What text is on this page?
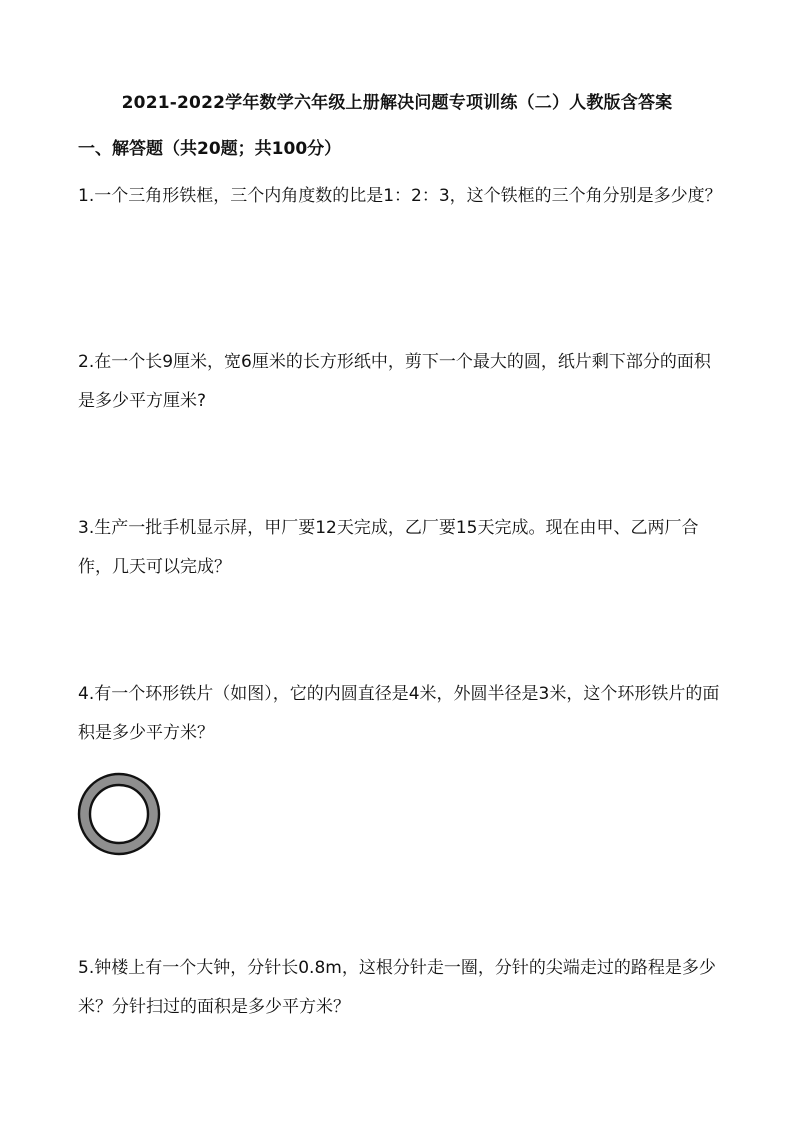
2021-2022学年数学六年级上册解决问题专项训练（二）人教版含答案
一、解答题（共20题；共100分）
1.一个三角形铁框，三个内角度数的比是1：2：3，这个铁框的三个角分别是多少度？
2.在一个长9厘米，宽6厘米的长方形纸中，剪下一个最大的圆，纸片剩下部分的面积是多少平方厘米?
3.生产一批手机显示屏，甲厂要12天完成，乙厂要15天完成。现在由甲、乙两厂合作，几天可以完成？
4.有一个环形铁片（如图），它的内圆直径是4米，外圆半径是3米，这个环形铁片的面积是多少平方米？
5.钟楼上有一个大钟，分针长0.8m，这根分针走一圈，分针的尖端走过的路程是多少米？分针扫过的面积是多少平方米？
